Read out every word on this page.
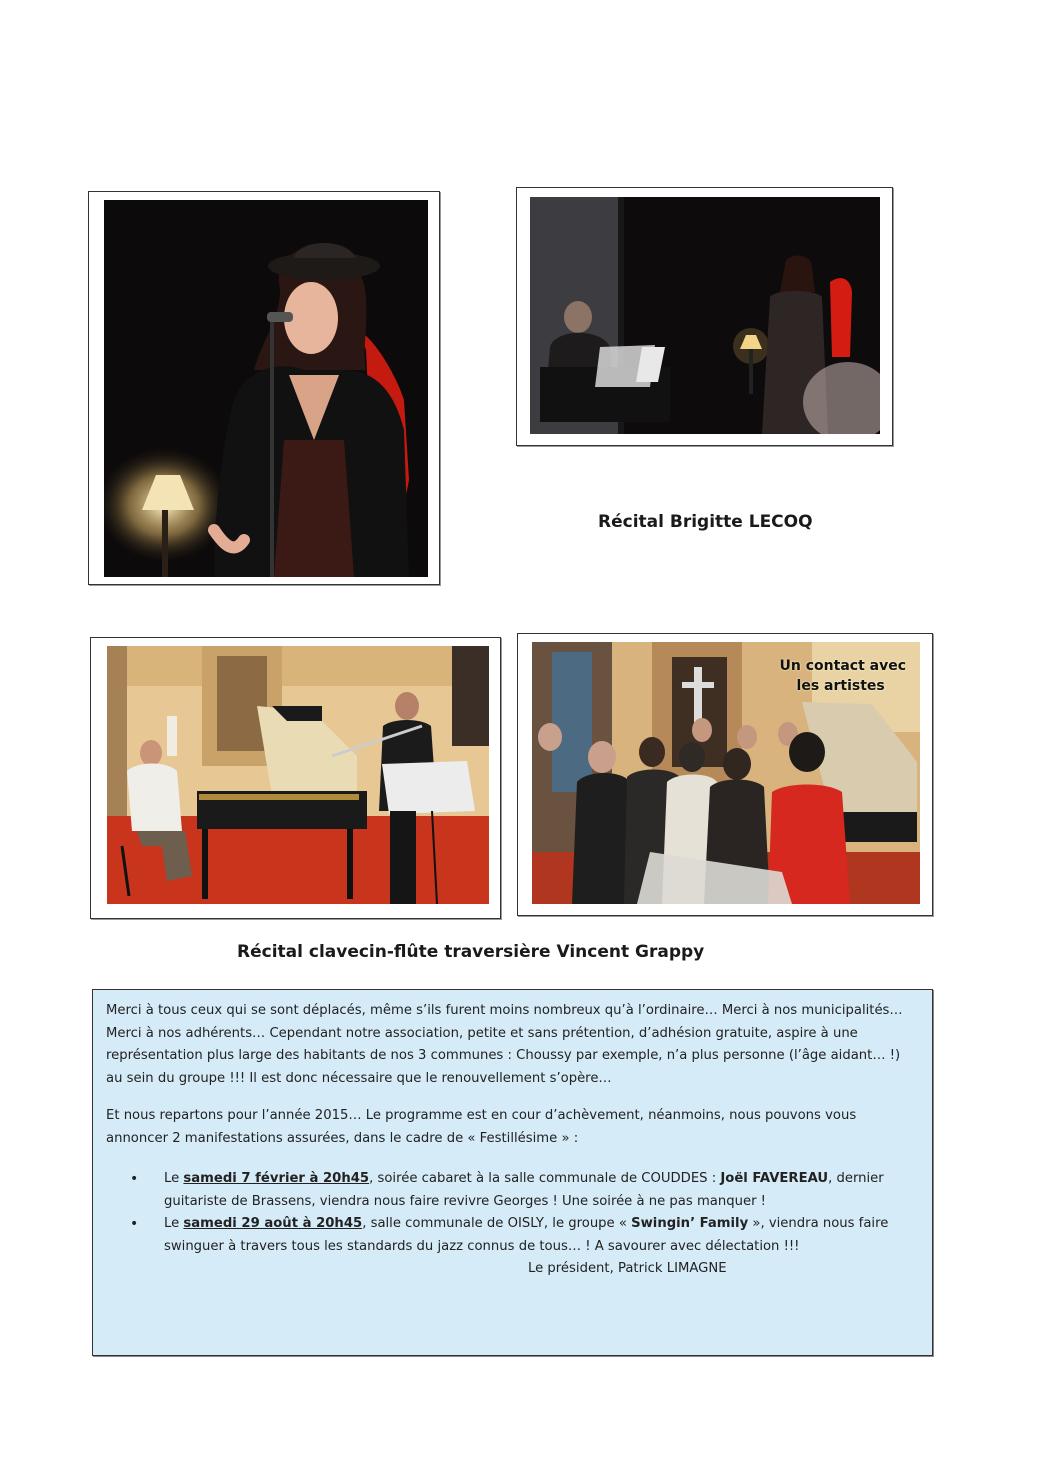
Récital Brigitte LECOQ
Un contact avec
les artistes
Récital clavecin-flûte traversière Vincent Grappy

Merci à tous ceux qui se sont déplacés, même s’ils furent moins nombreux qu’à l’ordinaire… Merci à nos municipalités… Merci à nos adhérents… Cependant notre association, petite et sans prétention, d’adhésion gratuite, aspire à une représentation plus large des habitants de nos 3 communes : Choussy par exemple, n’a plus personne (l’âge aidant… !) au sein du groupe !!! Il est donc nécessaire que le renouvellement s’opère…

Et nous repartons pour l’année 2015… Le programme est en cour d’achèvement, néanmoins, nous pouvons vous annoncer 2 manifestations assurées, dans le cadre de « Festillésime » :

• Le samedi 7 février à 20h45, soirée cabaret à la salle communale de COUDDES : Joël FAVEREAU, dernier guitariste de Brassens, viendra nous faire revivre Georges ! Une soirée à ne pas manquer !
• Le samedi 29 août à 20h45, salle communale de OISLY, le groupe « Swingin’ Family », viendra nous faire swinguer à travers tous les standards du jazz connus de tous… ! A savourer avec délectation !!!

Le président, Patrick LIMAGNE
